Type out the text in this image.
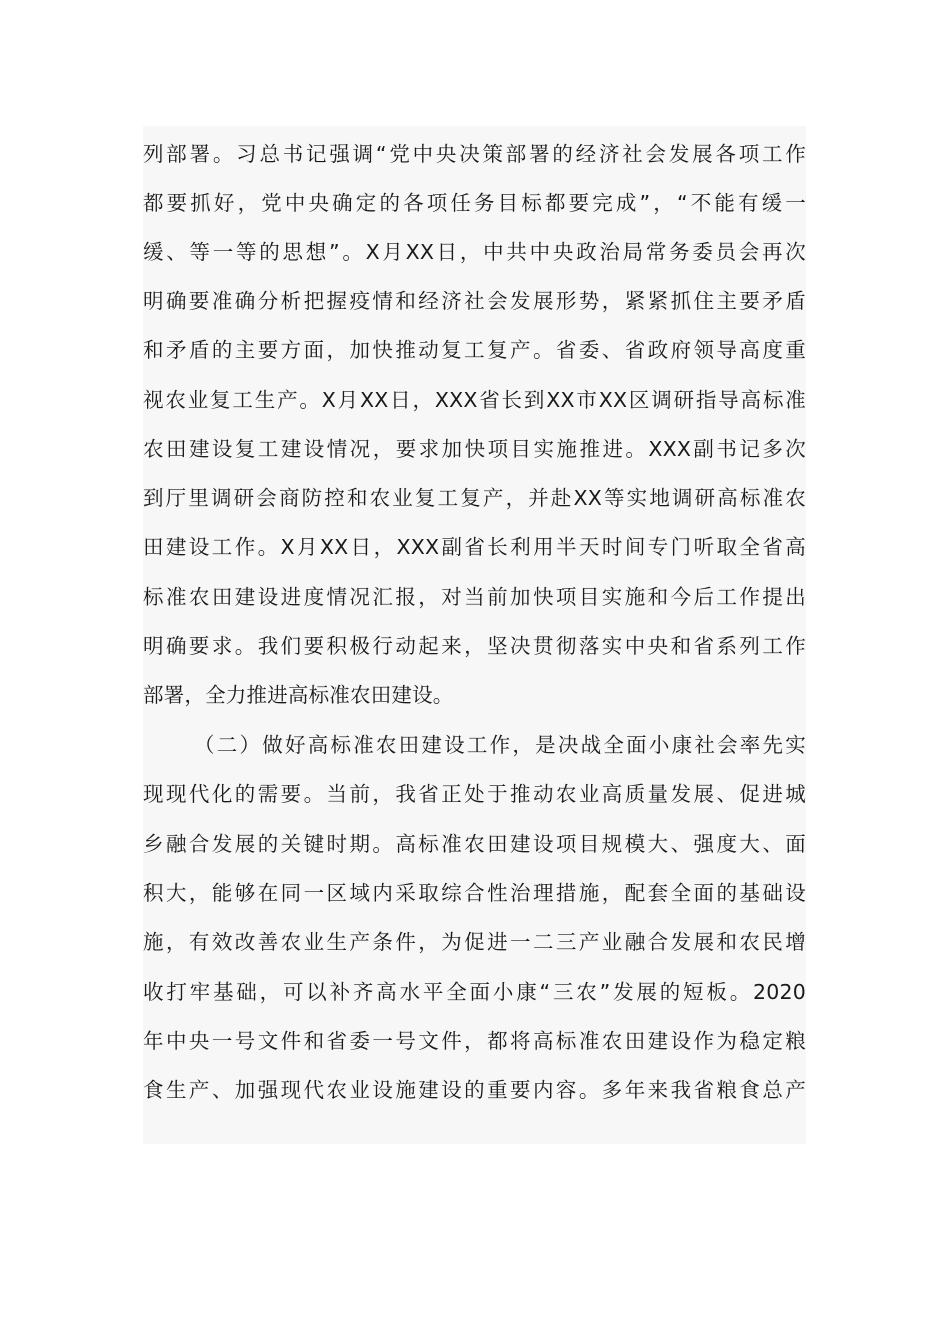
列部署。习总书记强调“党中央决策部署的经济社会发展各项工作
都要抓好，党中央确定的各项任务目标都要完成”，“不能有缓一
缓、等一等的思想”。X月XX日，中共中央政治局常务委员会再次
明确要准确分析把握疫情和经济社会发展形势，紧紧抓住主要矛盾
和矛盾的主要方面，加快推动复工复产。省委、省政府领导高度重
视农业复工生产。X月XX日，XXX省长到XX市XX区调研指导高标准
农田建设复工建设情况，要求加快项目实施推进。XXX副书记多次
到厅里调研会商防控和农业复工复产，并赴XX等实地调研高标准农
田建设工作。X月XX日，XXX副省长利用半天时间专门听取全省高
标准农田建设进度情况汇报，对当前加快项目实施和今后工作提出
明确要求。我们要积极行动起来，坚决贯彻落实中央和省系列工作
部署，全力推进高标准农田建设。
（二）做好高标准农田建设工作，是决战全面小康社会率先实
现现代化的需要。当前，我省正处于推动农业高质量发展、促进城
乡融合发展的关键时期。高标准农田建设项目规模大、强度大、面
积大，能够在同一区域内采取综合性治理措施，配套全面的基础设
施，有效改善农业生产条件，为促进一二三产业融合发展和农民增
收打牢基础，可以补齐高水平全面小康“三农”发展的短板。2020
年中央一号文件和省委一号文件，都将高标准农田建设作为稳定粮
食生产、加强现代农业设施建设的重要内容。多年来我省粮食总产
